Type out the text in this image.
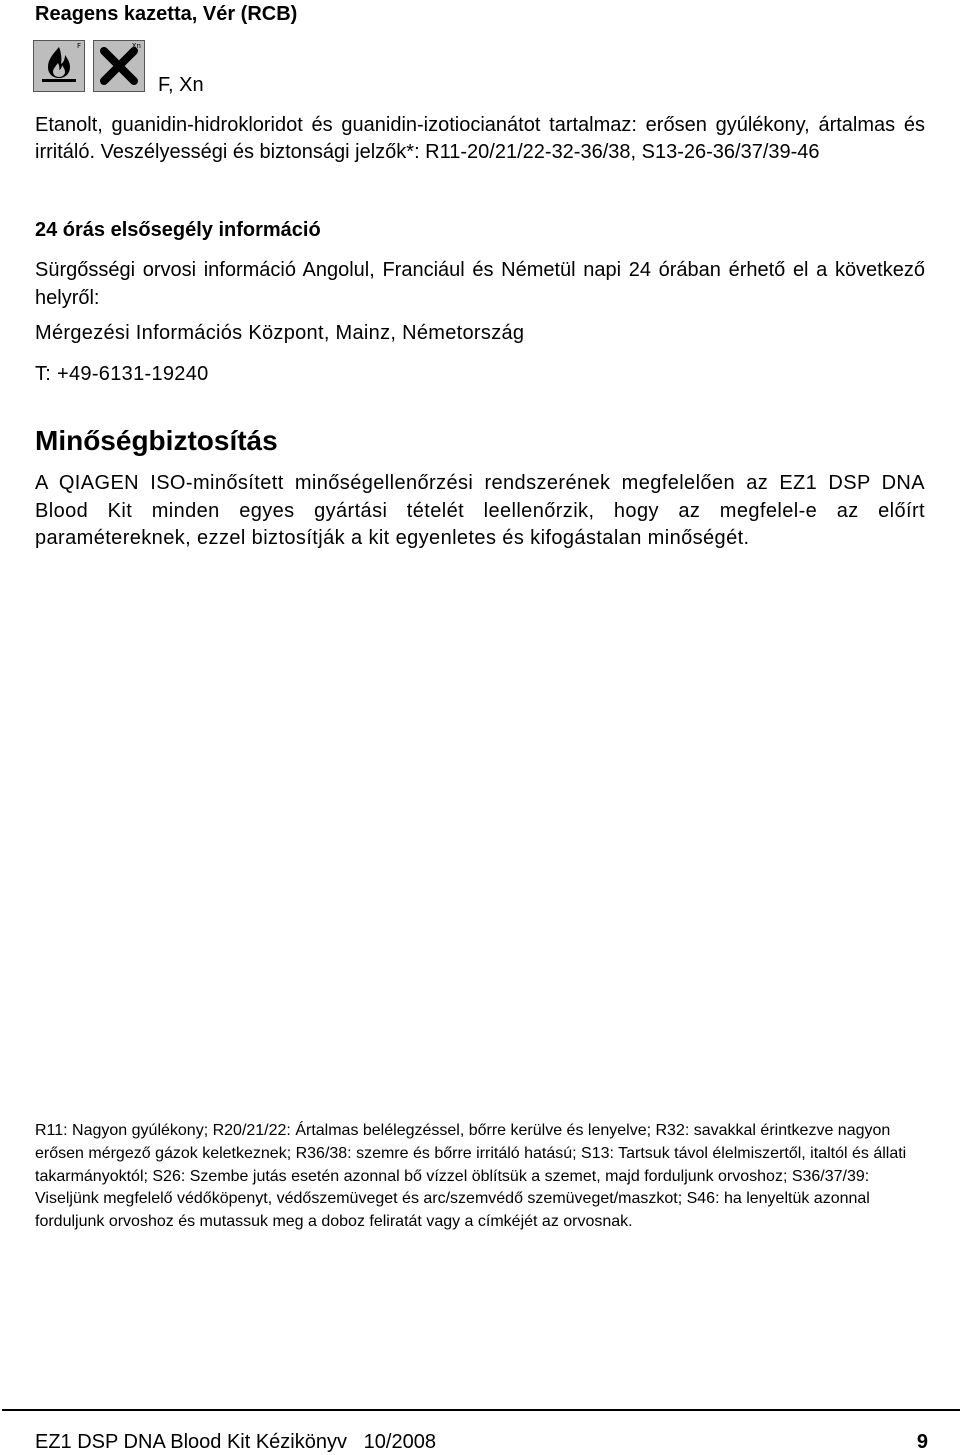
Reagens kazetta, Vér (RCB)
F	Xn
F, Xn
Etanolt, guanidin-hidrokloridot és guanidin-izotiocianátot tartalmaz: erősen gyúlékony, ártalmas és irritáló. Veszélyességi és biztonsági jelzők*: R11-20/21/22-32-36/38, S13-26-36/37/39-46
24 órás elsősegély információ
Sürgősségi orvosi információ Angolul, Franciául és Németül napi 24 órában érhető el a következő helyről:
Mérgezési Információs Központ, Mainz, Németország
T: +49-6131-19240
Minőségbiztosítás
A QIAGEN ISO-minősített minőségellenőrzési rendszerének megfelelően az EZ1 DSP DNA Blood Kit minden egyes gyártási tételét leellenőrzik, hogy az megfelel-e az előírt paramétereknek, ezzel biztosítják a kit egyenletes és kifogástalan minőségét.
R11: Nagyon gyúlékony; R20/21/22: Ártalmas belélegzéssel, bőrre kerülve és lenyelve; R32: savakkal érintkezve nagyon erősen mérgező gázok keletkeznek; R36/38: szemre és bőrre irritáló hatású; S13: Tartsuk távol élelmiszertől, italtól és állati takarmányoktól; S26: Szembe jutás esetén azonnal bő vízzel öblítsük a szemet, majd forduljunk orvoshoz; S36/37/39: Viseljünk megfelelő védőköpenyt, védőszemüveget és arc/szemvédő szemüveget/maszkot; S46: ha lenyeltük azonnal forduljunk orvoshoz és mutassuk meg a doboz feliratát vagy a címkéjét az orvosnak.
EZ1 DSP DNA Blood Kit Kézikönyv 10/2008	9
